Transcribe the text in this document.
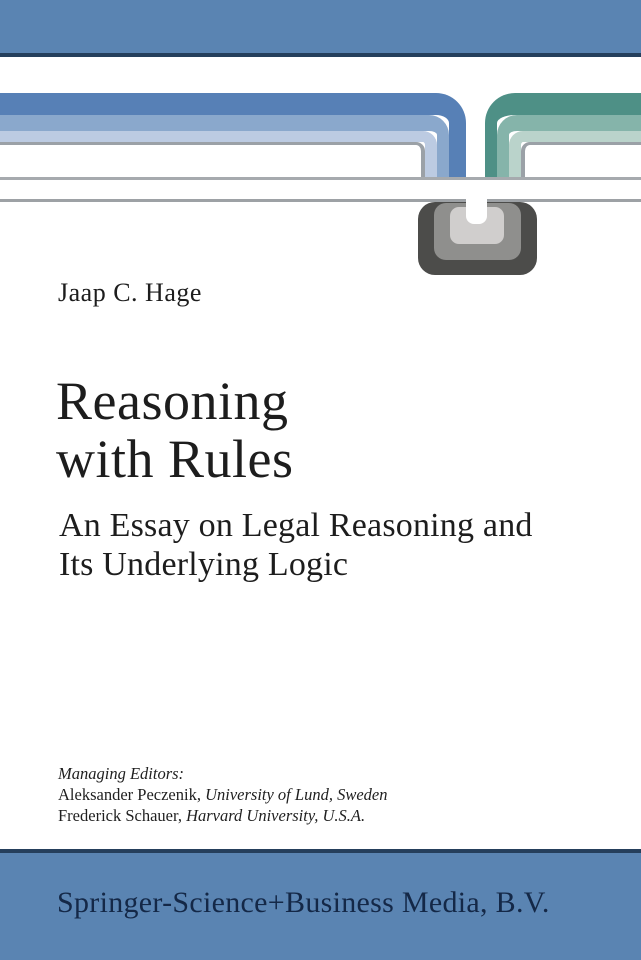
Jaap C. Hage
Reasoning
with Rules
An Essay on Legal Reasoning and
Its Underlying Logic
Managing Editors:
Aleksander Peczenik, University of Lund, Sweden
Frederick Schauer, Harvard University, U.S.A.
Springer-Science+Business Media, B.V.
